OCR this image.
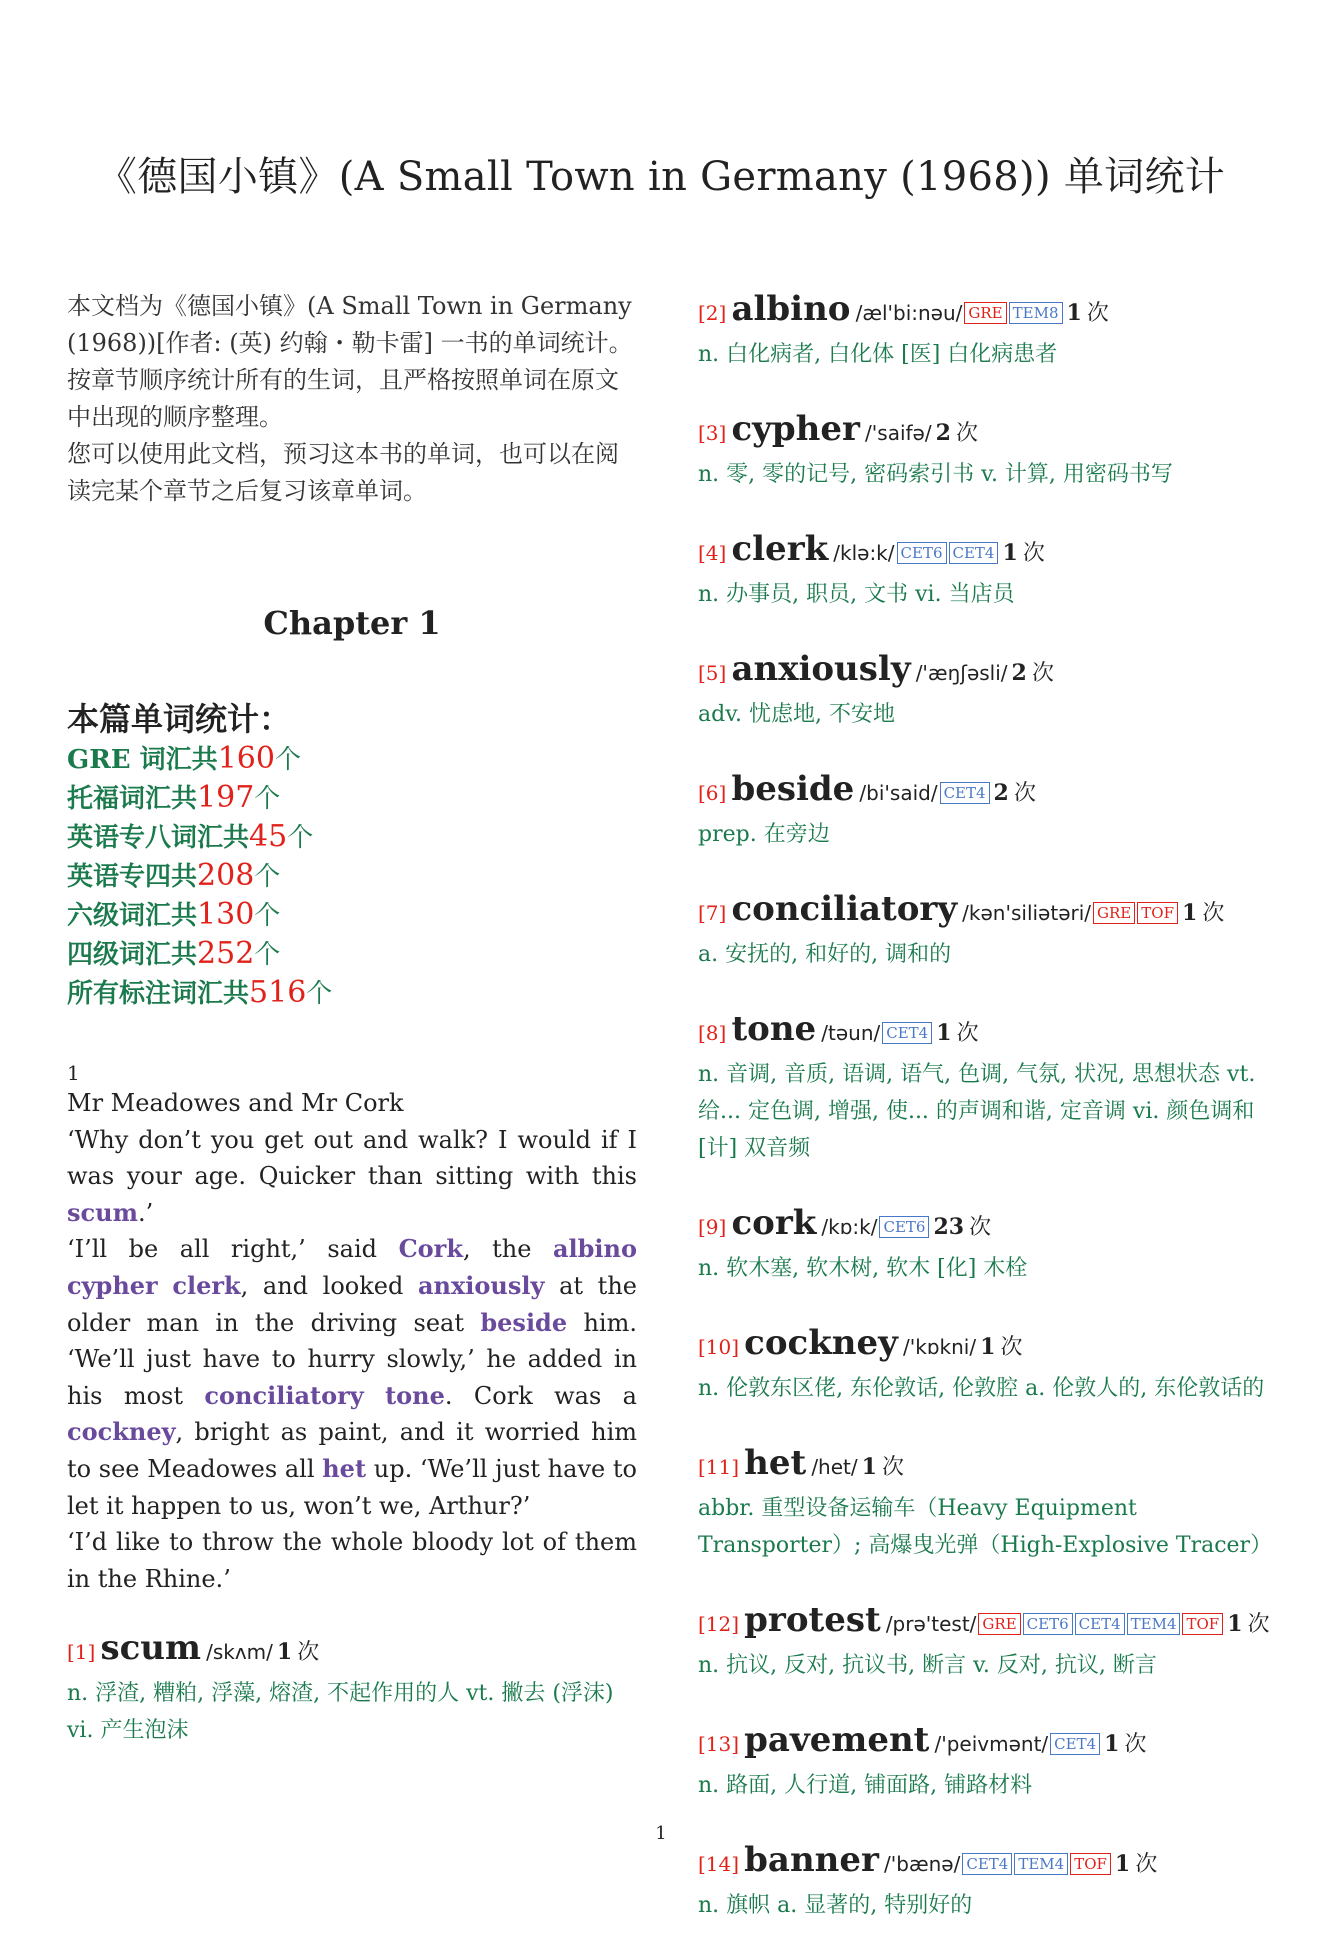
《德国小镇》(A Small Town in Germany (1968)) 单词统计

本文档为《德国小镇》(A Small Town in Germany (1968))[作者: (英) 约翰・勒卡雷] 一书的单词统计。

按章节顺序统计所有的生词，且严格按照单词在原文中出现的顺序整理。

您可以使用此文档，预习这本书的单词，也可以在阅读完某个章节之后复习该章单词。

Chapter 1
本篇单词统计：
GRE 词汇共160个
托福词汇共197个
英语专八词汇共45个
英语专四共208个
六级词汇共130个
四级词汇共252个
所有标注词汇共516个
1

Mr Meadowes and Mr Cork

‘Why don’t you get out and walk? I would if I was your age. Quicker than sitting with this scum.’

‘I’ll be all right,’ said Cork, the albino cypher clerk, and looked anxiously at the older man in the driving seat beside him. ‘We’ll just have to hurry slowly,’ he added in his most conciliatory tone. Cork was a cockney, bright as paint, and it worried him to see Meadowes all het up. ‘We’ll just have to let it happen to us, won’t we, Arthur?’

‘I’d like to throw the whole bloody lot of them in the Rhine.’

[1] scum /skʌm/ 1 次
n. 浮渣, 糟粕, 浮藻, 熔渣, 不起作用的人 vt. 撇去 (浮沫) vi. 产生泡沫
[2] albino /æl'bi:nəu/ GRE TEM8 1 次
n. 白化病者, 白化体 [医] 白化病患者
[3] cypher /'saifə/ 2 次
n. 零, 零的记号, 密码索引书 v. 计算, 用密码书写
[4] clerk /klə:k/ CET6 CET4 1 次
n. 办事员, 职员, 文书 vi. 当店员
[5] anxiously /'æŋʃəsli/ 2 次
adv. 忧虑地, 不安地
[6] beside /bi'said/ CET4 2 次
prep. 在旁边
[7] conciliatory /kən'siliətəri/ GRE TOF 1 次
a. 安抚的, 和好的, 调和的
[8] tone /təun/ CET4 1 次
n. 音调, 音质, 语调, 语气, 色调, 气氛, 状况, 思想状态 vt. 给... 定色调, 增强, 使... 的声调和谐, 定音调 vi. 颜色调和 [计] 双音频
[9] cork /kɒ:k/ CET6 23 次
n. 软木塞, 软木树, 软木 [化] 木栓
[10] cockney /'kɒkni/ 1 次
n. 伦敦东区佬, 东伦敦话, 伦敦腔 a. 伦敦人的, 东伦敦话的
[11] het /het/ 1 次
abbr. 重型设备运输车（Heavy Equipment Transporter）; 高爆曳光弹（High-Explosive Tracer）
[12] protest /prə'test/ GRE CET6 CET4 TEM4 TOF 1 次
n. 抗议, 反对, 抗议书, 断言 v. 反对, 抗议, 断言
[13] pavement /'peivmənt/ CET4 1 次
n. 路面, 人行道, 铺面路, 铺路材料
[14] banner /'bænə/ CET4 TEM4 TOF 1 次
n. 旗帜 a. 显著的, 特别好的
1
